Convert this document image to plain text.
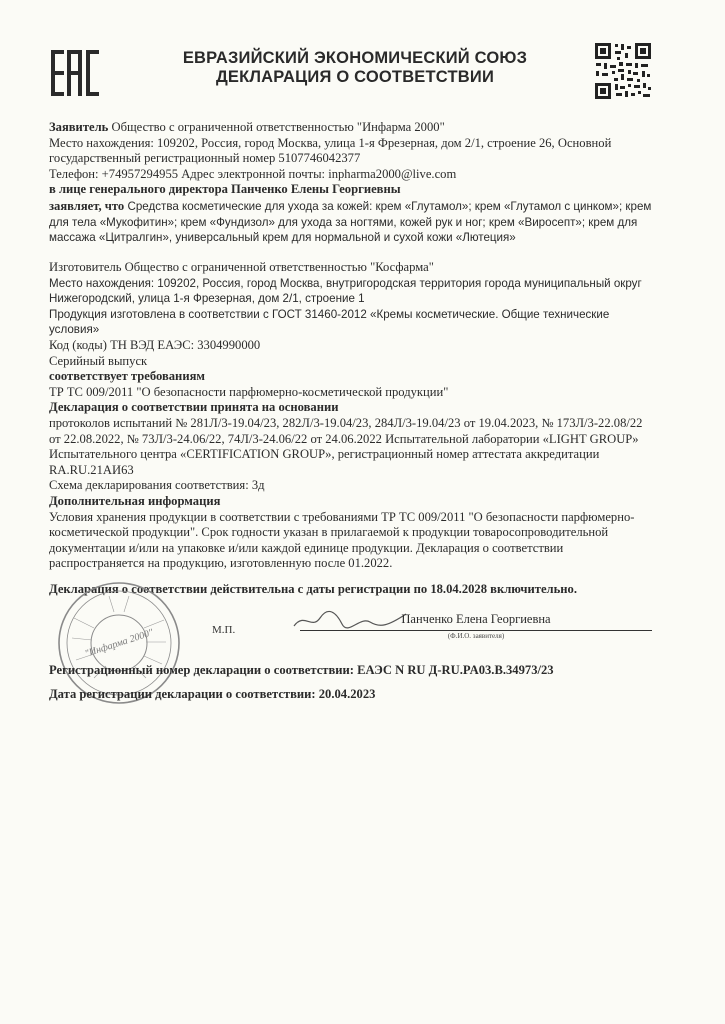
ЕВРАЗИЙСКИЙ ЭКОНОМИЧЕСКИЙ СОЮЗ
ДЕКЛАРАЦИЯ О СООТВЕТСТВИИ
Заявитель Общество с ограниченной ответственностью "Инфарма 2000"
Место нахождения: 109202, Россия, город Москва, улица 1-я Фрезерная, дом 2/1, строение 26, Основной государственный регистрационный номер 5107746042377
Телефон: +74957294955 Адрес электронной почты: inpharma2000@live.com
в лице генерального директора Панченко Елены Георгиевны
заявляет, что Средства косметические для ухода за кожей: крем «Глутамол»; крем «Глутамол с цинком»; крем для тела «Мукофитин»; крем «Фундизол» для ухода за ногтями, кожей рук и ног; крем «Виросепт»; крем для массажа «Цитралгин», универсальный крем для нормальной и сухой кожи «Лютеция»
Изготовитель Общество с ограниченной ответственностью "Косфарма"
Место нахождения: 109202, Россия, город Москва, внутригородская территория города муниципальный округ Нижегородский, улица 1-я Фрезерная, дом 2/1, строение 1
Продукция изготовлена в соответствии с ГОСТ 31460-2012 «Кремы косметические. Общие технические условия»
Код (коды) ТН ВЭД ЕАЭС: 3304990000
Серийный выпуск
соответствует требованиям
ТР ТС 009/2011 "О безопасности парфюмерно-косметической продукции"
Декларация о соответствии принята на основании
протоколов испытаний № 281Л/3-19.04/23, 282Л/3-19.04/23, 284Л/3-19.04/23 от 19.04.2023, № 173Л/3-22.08/22 от 22.08.2022, № 73Л/3-24.06/22, 74Л/3-24.06/22 от 24.06.2022 Испытательной лаборатории «LIGHT GROUP» Испытательного центра «CERTIFICATION GROUP», регистрационный номер аттестата аккредитации RA.RU.21АИ63
Схема декларирования соответствия: 3д
Дополнительная информация
Условия хранения продукции в соответствии с требованиями ТР ТС 009/2011 "О безопасности парфюмерно-косметической продукции". Срок годности указан в прилагаемой к продукции товаросопроводительной документации и/или на упаковке и/или каждой единице продукции. Декларация о соответствии распространяется на продукцию, изготовленную после 01.2022.
Декларация о соответствии действительна с даты регистрации по 18.04.2028 включительно.
М.П.
Панченко Елена Георгиевна
(Ф.И.О. заявителя)
"Инфарма 2000"
Регистрационный номер декларации о соответствии: ЕАЭС N RU Д-RU.PA03.B.34973/23
Дата регистрации декларации о соответствии: 20.04.2023
